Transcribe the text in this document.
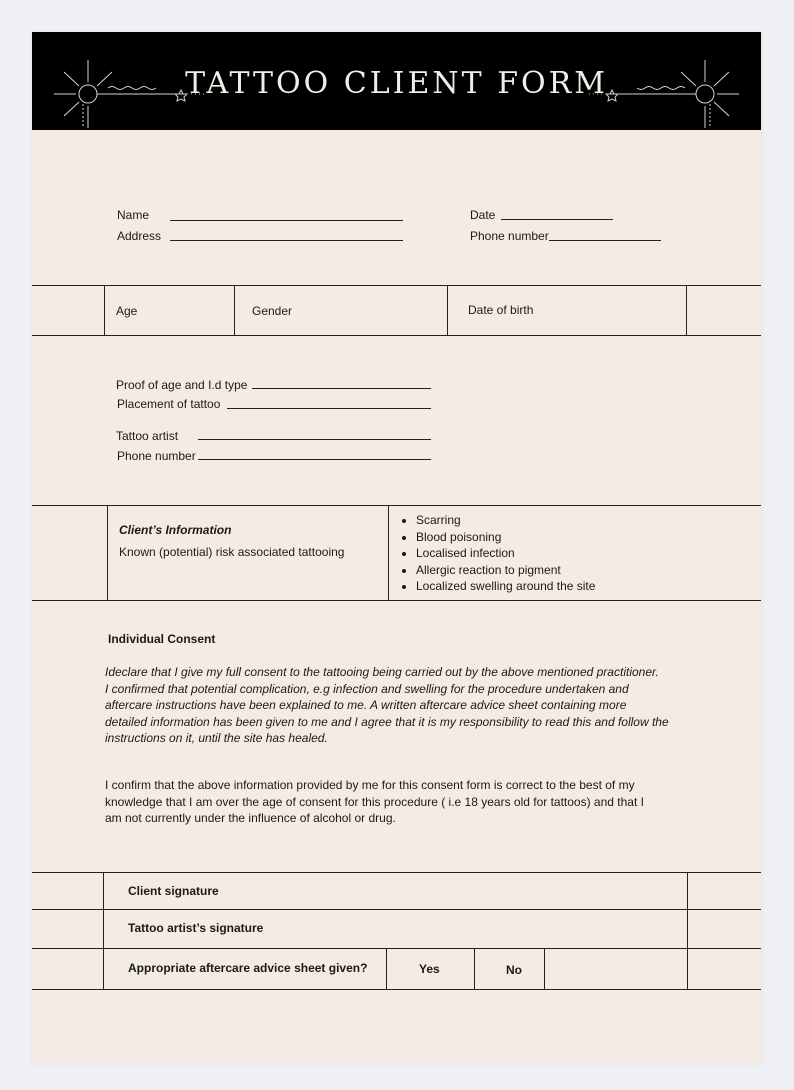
TATTOO CLIENT FORM
Name
Address
Date
Phone number
Age	Gender	Date of birth
Proof of age and I.d type
Placement of tattoo
Tattoo artist
Phone number
Client’s Information
Known (potential) risk associated tattooing
• Scarring
• Blood poisoning
• Localised infection
• Allergic reaction to pigment
• Localized swelling around the site
Individual Consent
Ideclare that I give my full consent to the tattooing being carried out by the above mentioned practitioner.
I confirmed that potential complication, e.g infection and swelling for the procedure undertaken and
aftercare instructions have been explained to me. A written aftercare advice sheet containing more
detailed information has been given to me and I agree that it is my responsibility to read this and follow the
instructions on it, until the site has healed.
I confirm that the above information provided by me for this consent form is correct to the best of my
knowledge that I am over the age of consent for this procedure ( i.e 18 years old for tattoos) and that I
am not currently under the influence of alcohol or drug.
Client signature
Tattoo artist’s signature
Appropriate aftercare advice sheet given?	Yes	No
